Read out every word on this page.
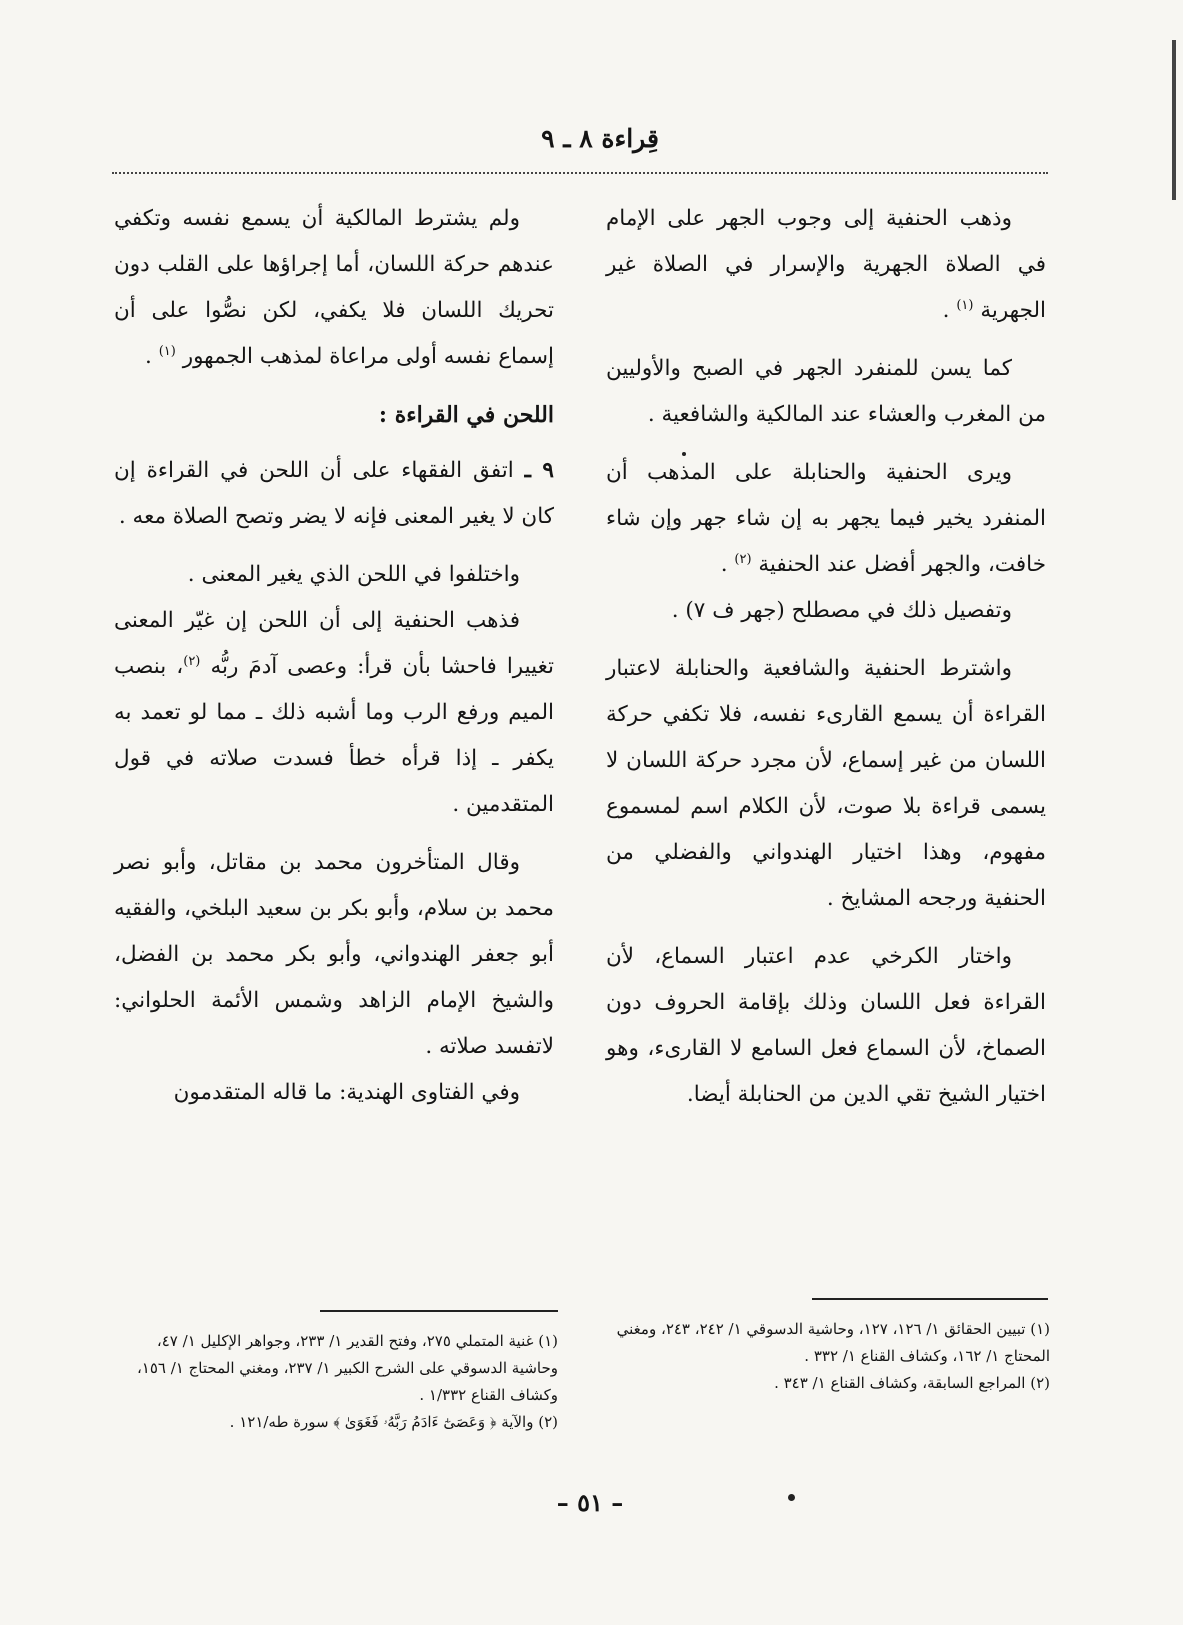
قِراءة ٨ ـ ٩

وذهب الحنفية إلى وجوب الجهر على الإمام في الصلاة الجهرية والإسرار في الصلاة غير الجهرية $^{(١)}$ .

كما يسن للمنفرد الجهر في الصبح والأوليين من المغرب والعشاء عند المالكية والشافعية .

ويرى الحنفية والحنابلة على المذهب أن المنفرد يخير فيما يجهر به إن شاء جهر وإن شاء خافت، والجهر أفضل عند الحنفية $^{(٢)}$ .

وتفصيل ذلك في مصطلح (جهر ف ٧) .

واشترط الحنفية والشافعية والحنابلة لاعتبار القراءة أن يسمع القارىء نفسه، فلا تكفي حركة اللسان من غير إسماع، لأن مجرد حركة اللسان لا يسمى قراءة بلا صوت، لأن الكلام اسم لمسموع مفهوم، وهذا اختيار الهندواني والفضلي من الحنفية ورجحه المشايخ .

واختار الكرخي عدم اعتبار السماع، لأن القراءة فعل اللسان وذلك بإقامة الحروف دون الصماخ، لأن السماع فعل السامع لا القارىء، وهو اختيار الشيخ تقي الدين من الحنابلة أيضا.

ولم يشترط المالكية أن يسمع نفسه وتكفي عندهم حركة اللسان، أما إجراؤها على القلب دون تحريك اللسان فلا يكفي، لكن نصُّوا على أن إسماع نفسه أولى مراعاة لمذهب الجمهور $^{(١)}$ .

اللحن في القراءة :

٩ ـ اتفق الفقهاء على أن اللحن في القراءة إن كان لا يغير المعنى فإنه لا يضر وتصح الصلاة معه .

واختلفوا في اللحن الذي يغير المعنى .

فذهب الحنفية إلى أن اللحن إن غيّر المعنى تغييرا فاحشا بأن قرأ: وعصى آدمَ ربُّه $^{(٢)}$، بنصب الميم ورفع الرب وما أشبه ذلك ـ مما لو تعمد به يكفر ـ إذا قرأه خطأ فسدت صلاته في قول المتقدمين .

وقال المتأخرون محمد بن مقاتل، وأبو نصر محمد بن سلام، وأبو بكر بن سعيد البلخي، والفقيه أبو جعفر الهندواني، وأبو بكر محمد بن الفضل، والشيخ الإمام الزاهد وشمس الأئمة الحلواني: لاتفسد صلاته .

وفي الفتاوى الهندية: ما قاله المتقدمون

(١) غنية المتملي ٢٧٥، وفتح القدير ١/ ٢٣٣، وجواهر الإكليل ١/ ٤٧، وحاشية الدسوقي على الشرح الكبير ١/ ٢٣٧، ومغني المحتاج ١/ ١٥٦، وكشاف القناع ١/٣٣٢ .
(٢) والآية ﴿ وَعَصَىٰٓ ءَادَمُ رَبَّهُۥ فَغَوَىٰ ﴾ سورة طه/١٢١ .
(١) تبيين الحقائق ١/ ١٢٦، ١٢٧، وحاشية الدسوقي ١/ ٢٤٢، ٢٤٣، ومغني المحتاج ١/ ١٦٢، وكشاف القناع ١/ ٣٣٢ .
(٢) المراجع السابقة، وكشاف القناع ١/ ٣٤٣ .
– ٥١ –
